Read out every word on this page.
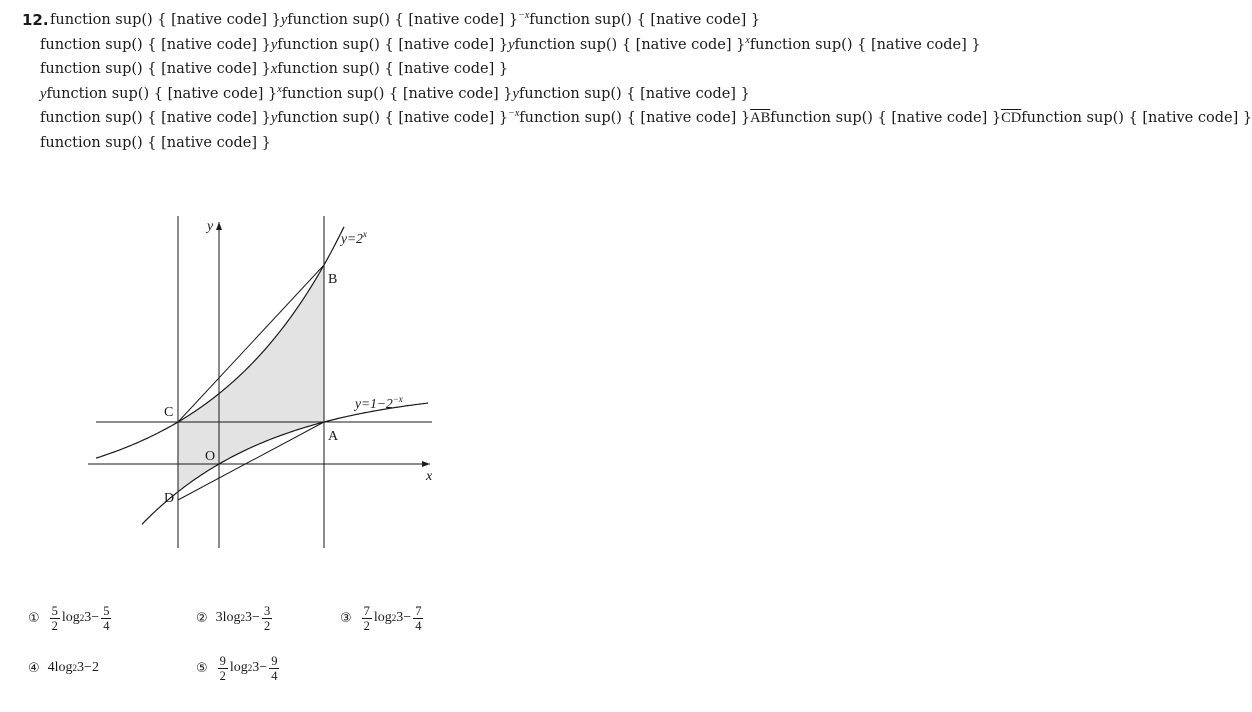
12. function sup() { [native code] }yfunction sup() { [native code] }$^{-x}$function sup() { [native code] }
function sup() { [native code] }yfunction sup() { [native code] }yfunction sup() { [native code] }$^x$function sup() { [native code] }
function sup() { [native code] }xfunction sup() { [native code] }
yfunction sup() { [native code] }$^x$function sup() { [native code] }yfunction sup() { [native code] }
function sup() { [native code] }yfunction sup() { [native code] }$^{-x}$function sup() { [native code] }$\overline{AB}function$ sup() { [native code] }$\overline{CD}function$ sup() { [native code] }
function sup() { [native code] }
B
C
A
D
O
x
y
$y=2^x$
$y=1-2^{-x}$
① $\frac{5}{2}$ log 2 $3 - \frac{5}{4}$	② 3 log 2 $3 - \frac{3}{2}$	③ $\frac{7}{2}$ log 2 $3 - \frac{7}{4}$
④ 4 log 2 3 − 2	⑤ $\frac{9}{2}$ log 2 $3 - \frac{9}{4}$
